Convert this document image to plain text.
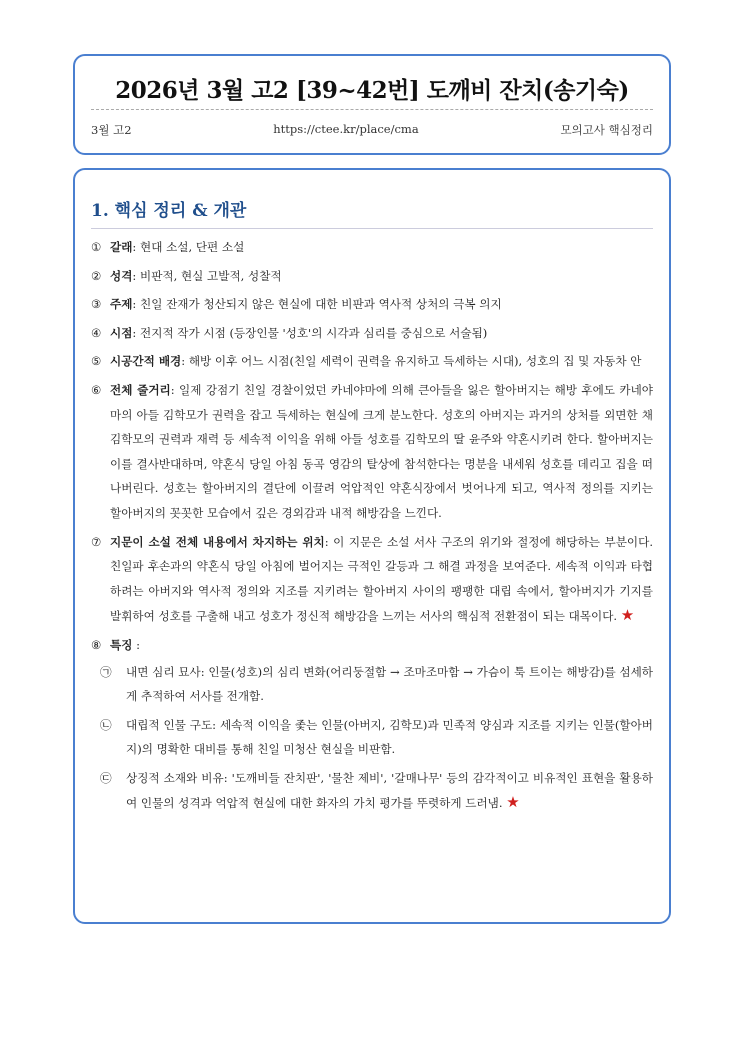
2026년 3월 고2 [39~42번] 도깨비 잔치(송기숙)
3월 고2	https://ctee.kr/place/cma	모의고사 핵심정리
1. 핵심 정리 & 개관
① 갈래: 현대 소설, 단편 소설
② 성격: 비판적, 현실 고발적, 성찰적
③ 주제: 친일 잔재가 청산되지 않은 현실에 대한 비판과 역사적 상처의 극복 의지
④ 시점: 전지적 작가 시점 (등장인물 '성호'의 시각과 심리를 중심으로 서술됨)
⑤ 시공간적 배경: 해방 이후 어느 시점(친일 세력이 권력을 유지하고 득세하는 시대), 성호의 집 및 자동차 안
⑥ 전체 줄거리: 일제 강점기 친일 경찰이었던 카네야마에 의해 큰아들을 잃은 할아버지는 해방 후에도 카네야마의 아들 김학모가 권력을 잡고 득세하는 현실에 크게 분노한다. 성호의 아버지는 과거의 상처를 외면한 채 김학모의 권력과 재력 등 세속적 이익을 위해 아들 성호를 김학모의 딸 윤주와 약혼시키려 한다. 할아버지는 이를 결사반대하며, 약혼식 당일 아침 동곡 영감의 탈상에 참석한다는 명분을 내세워 성호를 데리고 집을 떠나버린다. 성호는 할아버지의 결단에 이끌려 억압적인 약혼식장에서 벗어나게 되고, 역사적 정의를 지키는 할아버지의 꼿꼿한 모습에서 깊은 경외감과 내적 해방감을 느낀다.
⑦ 지문이 소설 전체 내용에서 차지하는 위치: 이 지문은 소설 서사 구조의 위기와 절정에 해당하는 부분이다. 친일파 후손과의 약혼식 당일 아침에 벌어지는 극적인 갈등과 그 해결 과정을 보여준다. 세속적 이익과 타협하려는 아버지와 역사적 정의와 지조를 지키려는 할아버지 사이의 팽팽한 대립 속에서, 할아버지가 기지를 발휘하여 성호를 구출해 내고 성호가 정신적 해방감을 느끼는 서사의 핵심적 전환점이 되는 대목이다. ★
⑧ 특징 :
㉠ 내면 심리 묘사: 인물(성호)의 심리 변화(어리둥절함 → 조마조마함 → 가슴이 툭 트이는 해방감)를 섬세하게 추적하여 서사를 전개함.
㉡ 대립적 인물 구도: 세속적 이익을 좇는 인물(아버지, 김학모)과 민족적 양심과 지조를 지키는 인물(할아버지)의 명확한 대비를 통해 친일 미청산 현실을 비판함.
㉢ 상징적 소재와 비유: '도깨비들 잔치판', '물찬 제비', '갈매나무' 등의 감각적이고 비유적인 표현을 활용하여 인물의 성격과 억압적 현실에 대한 화자의 가치 평가를 뚜렷하게 드러냄. ★
